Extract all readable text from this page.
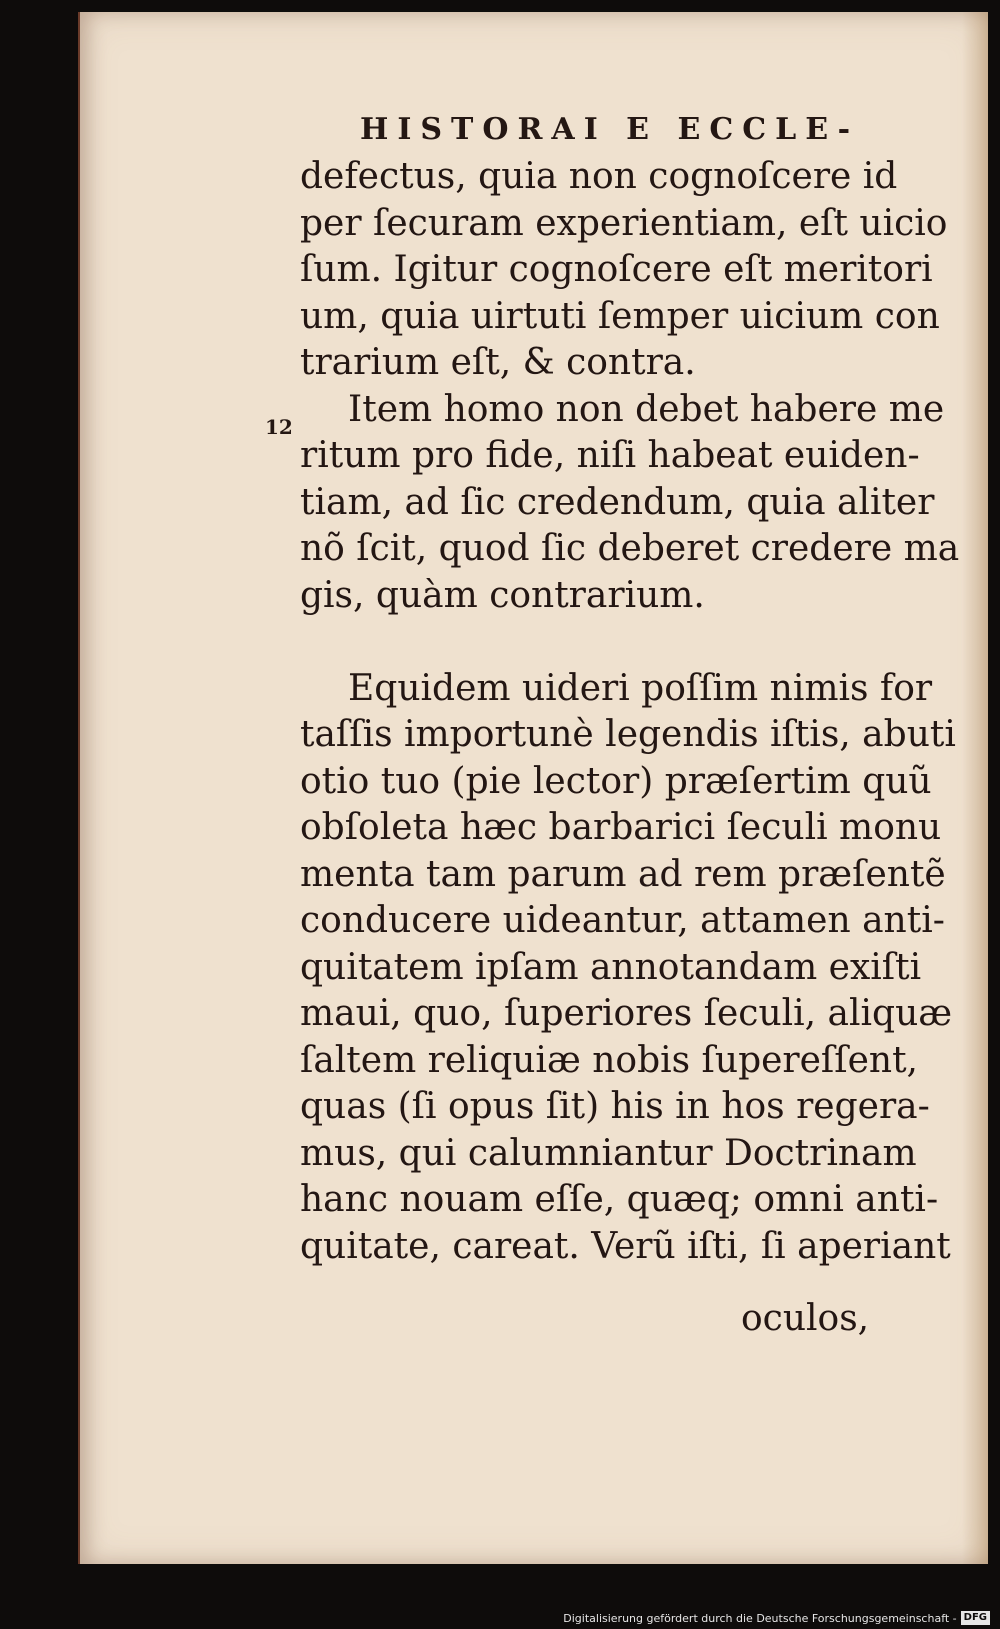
HISTORAI E ECCLE-
12
defectus, quia non cognoſcere id
per ſecuram experientiam, eſt uicio
ſum. Igitur cognoſcere eſt meritori
um, quia uirtuti ſemper uicium con
trarium eſt, & contra.
Item homo non debet habere me
ritum pro fide, niſi habeat euiden-
tiam, ad ſic credendum, quia aliter
nõ ſcit, quod ſic deberet credere ma
gis, quàm contrarium.
Equidem uideri poſſim nimis for
taſſis importunè legendis iſtis, abuti
otio tuo (pie lector) præſertim quũ
obſoleta hæc barbarici ſeculi monu
menta tam parum ad rem præſentẽ
conducere uideantur, attamen anti-
quitatem ipſam annotandam exiſti
maui, quo, ſuperiores ſeculi, aliquæ
ſaltem reliquiæ nobis ſupereſſent,
quas (ſi opus ſit) his in hos regera-
mus, qui calumniantur Doctrinam
hanc nouam eſſe, quæq; omni anti-
quitate, careat. Verũ iſti, ſi aperiant
oculos,
Digitalisierung gefördert durch die Deutsche Forschungsgemeinschaft - DFG
